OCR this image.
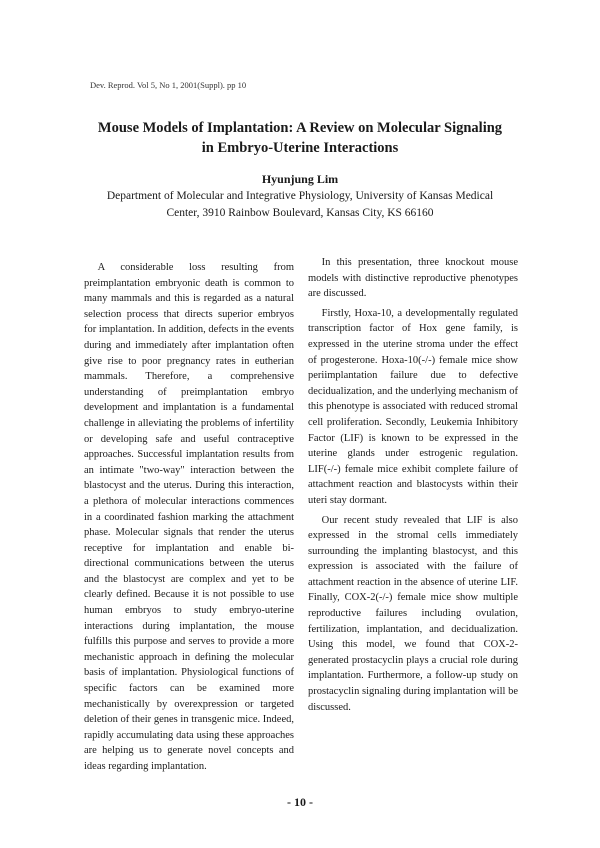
Dev. Reprod. Vol 5, No 1, 2001(Suppl). pp 10
Mouse Models of Implantation: A Review on Molecular Signaling
in Embryo-Uterine Interactions
Hyunjung Lim
Department of Molecular and Integrative Physiology, University of Kansas Medical
Center, 3910 Rainbow Boulevard, Kansas City, KS 66160

A considerable loss resulting from preimplantation embryonic death is common to many mammals and this is regarded as a natural selection process that directs superior embryos for implantation. In addition, defects in the events during and immediately after implantation often give rise to poor pregnancy rates in eutherian mammals. Therefore, a comprehensive understanding of preimplantation embryo development and implantation is a fundamental challenge in alleviating the problems of infertility or developing safe and useful contraceptive approaches. Successful implantation results from an intimate "two-way" interaction between the blastocyst and the uterus. During this interaction, a plethora of molecular interactions commences in a coordinated fashion marking the attachment phase. Molecular signals that render the uterus receptive for implantation and enable bi-directional communications between the uterus and the blastocyst are complex and yet to be clearly defined. Because it is not possible to use human embryos to study embryo-uterine interactions during implantation, the mouse fulfills this purpose and serves to provide a more mechanistic approach in defining the molecular basis of implantation. Physiological functions of specific factors can be examined more mechanistically by overexpression or targeted deletion of their genes in transgenic mice. Indeed, rapidly accumulating data using these approaches are helping us to generate novel concepts and ideas regarding implantation.

In this presentation, three knockout mouse models with distinctive reproductive phenotypes are discussed.

Firstly, Hoxa-10, a developmentally regulated transcription factor of Hox gene family, is expressed in the uterine stroma under the effect of progesterone. Hoxa-10(-/-) female mice show periimplantation failure due to defective decidualization, and the underlying mechanism of this phenotype is associated with reduced stromal cell proliferation. Secondly, Leukemia Inhibitory Factor (LIF) is known to be expressed in the uterine glands under estrogenic regulation. LIF(-/-) female mice exhibit complete failure of attachment reaction and blastocysts within their uteri stay dormant.

Our recent study revealed that LIF is also expressed in the stromal cells immediately surrounding the implanting blastocyst, and this expression is associated with the failure of attachment reaction in the absence of uterine LIF. Finally, COX-2(-/-) female mice show multiple reproductive failures including ovulation, fertilization, implantation, and decidualization. Using this model, we found that COX-2-generated prostacyclin plays a crucial role during implantation. Furthermore, a follow-up study on prostacyclin signaling during implantation will be discussed.

- 10 -
